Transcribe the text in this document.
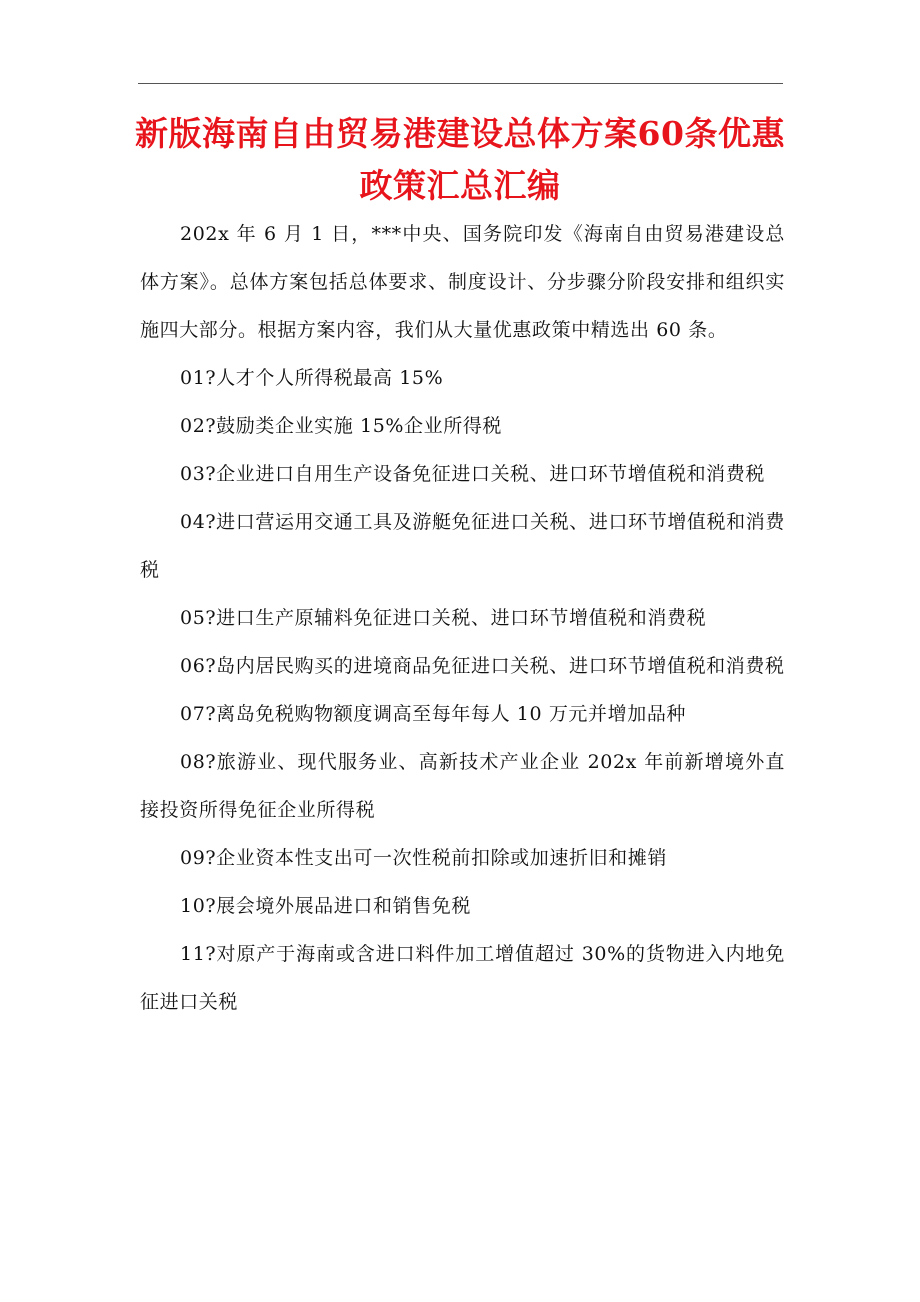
新版海南自由贸易港建设总体方案60条优惠政策汇总汇编

202x 年 6 月 1 日，***中央、国务院印发《海南自由贸易港建设总体方案》。总体方案包括总体要求、制度设计、分步骤分阶段安排和组织实施四大部分。根据方案内容，我们从大量优惠政策中精选出 60 条。

01?人才个人所得税最高 15%

02?鼓励类企业实施 15%企业所得税

03?企业进口自用生产设备免征进口关税、进口环节增值税和消费税

04?进口营运用交通工具及游艇免征进口关税、进口环节增值税和消费税

05?进口生产原辅料免征进口关税、进口环节增值税和消费税

06?岛内居民购买的进境商品免征进口关税、进口环节增值税和消费税

07?离岛免税购物额度调高至每年每人 10 万元并增加品种

08?旅游业、现代服务业、高新技术产业企业 202x 年前新增境外直接投资所得免征企业所得税

09?企业资本性支出可一次性税前扣除或加速折旧和摊销

10?展会境外展品进口和销售免税

11?对原产于海南或含进口料件加工增值超过 30%的货物进入内地免征进口关税
